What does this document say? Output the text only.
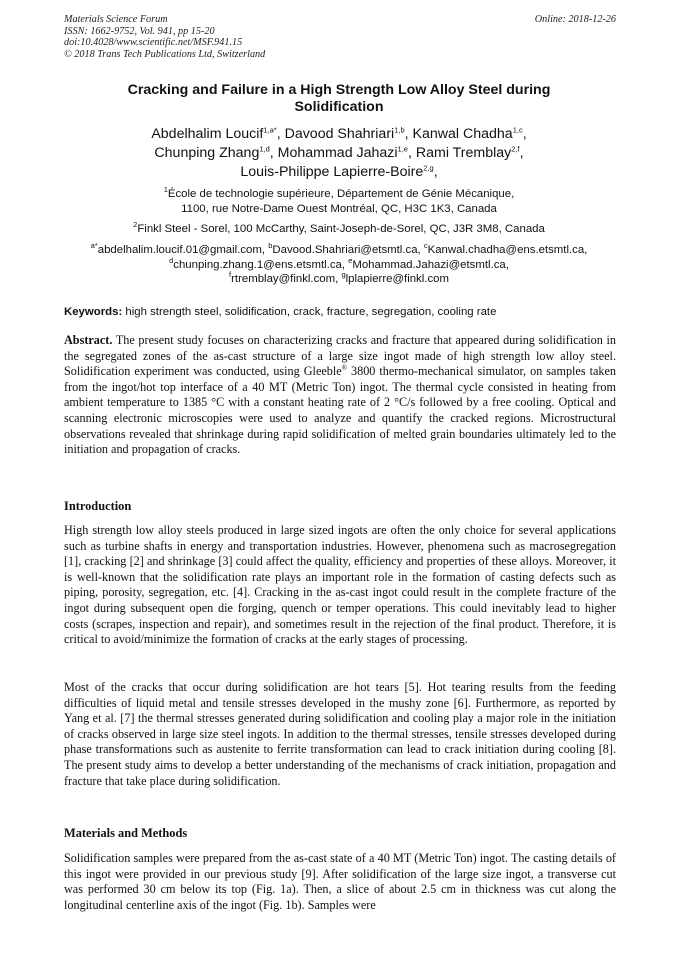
Materials Science Forum
ISSN: 1662-9752, Vol. 941, pp 15-20
doi:10.4028/www.scientific.net/MSF.941.15
© 2018 Trans Tech Publications Ltd, Switzerland
Online: 2018-12-26
Cracking and Failure in a High Strength Low Alloy Steel during
Solidification
Abdelhalim Loucif$^{1,a*}$, Davood Shahriari$^{1,b}$, Kanwal Chadha$^{1,c}$,
Chunping Zhang$^{1,d}$, Mohammad Jahazi$^{1,e}$, Rami Tremblay$^{2,f}$,
Louis-Philippe Lapierre-Boire$^{2,g}$,
$^1$École de technologie supérieure, Département de Génie Mécanique,
1100, rue Notre-Dame Ouest Montréal, QC, H3C 1K3, Canada
$^2$Finkl Steel - Sorel, 100 McCarthy, Saint-Joseph-de-Sorel, QC, J3R 3M8, Canada
$^{a*}$abdelhalim.loucif.01@gmail.com, $^b$Davood.Shahriari@etsmtl.ca, $^c$Kanwal.chadha@ens.etsmtl.ca,
$^d$chunping.zhang.1@ens.etsmtl.ca, $^e$Mohammad.Jahazi@etsmtl.ca,
$^f$rtremblay@finkl.com, $^g$lplapierre@finkl.com
Keywords: high strength steel, solidification, crack, fracture, segregation, cooling rate
Abstract. The present study focuses on characterizing cracks and fracture that appeared during solidification in the segregated zones of the as-cast structure of a large size ingot made of high strength low alloy steel. Solidification experiment was conducted, using Gleeble® 3800 thermo-mechanical simulator, on samples taken from the ingot/hot top interface of a 40 MT (Metric Ton) ingot. The thermal cycle consisted in heating from ambient temperature to 1385 °C with a constant heating rate of 2 °C/s followed by a free cooling. Optical and scanning electronic microscopies were used to analyze and quantify the cracked regions. Microstructural observations revealed that shrinkage during rapid solidification of melted grain boundaries ultimately led to the initiation and propagation of cracks.
Introduction
High strength low alloy steels produced in large sized ingots are often the only choice for several applications such as turbine shafts in energy and transportation industries. However, phenomena such as macrosegregation [1], cracking [2] and shrinkage [3] could affect the quality, efficiency and properties of these alloys. Moreover, it is well-known that the solidification rate plays an important role in the formation of casting defects such as piping, porosity, segregation, etc. [4]. Cracking in the as-cast ingot could result in the complete fracture of the ingot during subsequent open die forging, quench or temper operations. This could inevitably lead to higher costs (scrapes, inspection and repair), and sometimes result in the rejection of the final product. Therefore, it is critical to avoid/minimize the formation of cracks at the early stages of processing.
Most of the cracks that occur during solidification are hot tears [5]. Hot tearing results from the feeding difficulties of liquid metal and tensile stresses developed in the mushy zone [6]. Furthermore, as reported by Yang et al. [7] the thermal stresses generated during solidification and cooling play a major role in the initiation of cracks observed in large size steel ingots. In addition to the thermal stresses, tensile stresses developed during phase transformations such as austenite to ferrite transformation can lead to crack initiation during cooling [8]. The present study aims to develop a better understanding of the mechanisms of crack initiation, propagation and fracture that take place during solidification.
Materials and Methods
Solidification samples were prepared from the as-cast state of a 40 MT (Metric Ton) ingot. The casting details of this ingot were provided in our previous study [9]. After solidification of the large size ingot, a transverse cut was performed 30 cm below its top (Fig. 1a). Then, a slice of about 2.5 cm in thickness was cut along the longitudinal centerline axis of the ingot (Fig. 1b). Samples were
